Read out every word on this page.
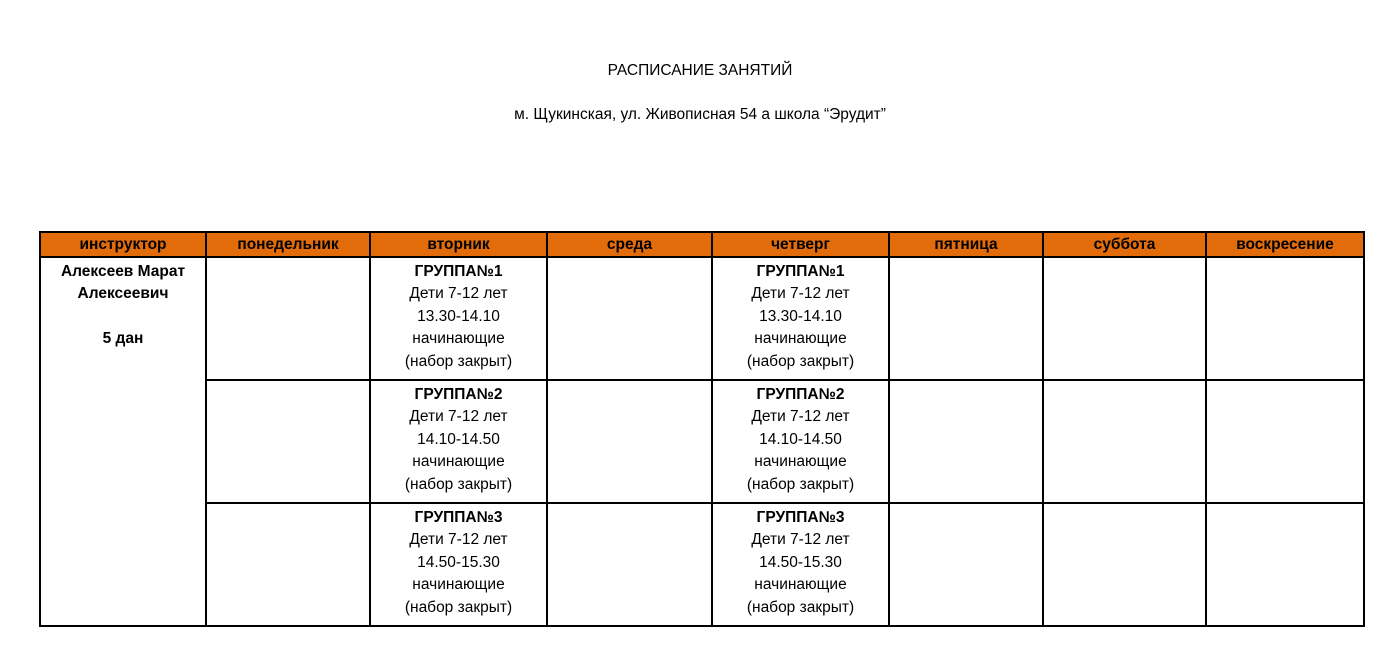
РАСПИСАНИЕ ЗАНЯТИЙ
м. Щукинская, ул. Живописная 54 а школа “Эрудит”
инструктор	понедельник	вторник	среда	четверг	пятница	суббота	воскресение

Алексеев Марат
Алексеевич
5 дан		ГРУППА№1
Дети 7-12 лет
13.30-14.10
начинающие
(набор закрыт)		ГРУППА№1
Дети 7-12 лет
13.30-14.10
начинающие
(набор закрыт)			

		ГРУППА№2
Дети 7-12 лет
14.10-14.50
начинающие
(набор закрыт)		ГРУППА№2
Дети 7-12 лет
14.10-14.50
начинающие
(набор закрыт)			

		ГРУППА№3
Дети 7-12 лет
14.50-15.30
начинающие
(набор закрыт)		ГРУППА№3
Дети 7-12 лет
14.50-15.30
начинающие
(набор закрыт)			
